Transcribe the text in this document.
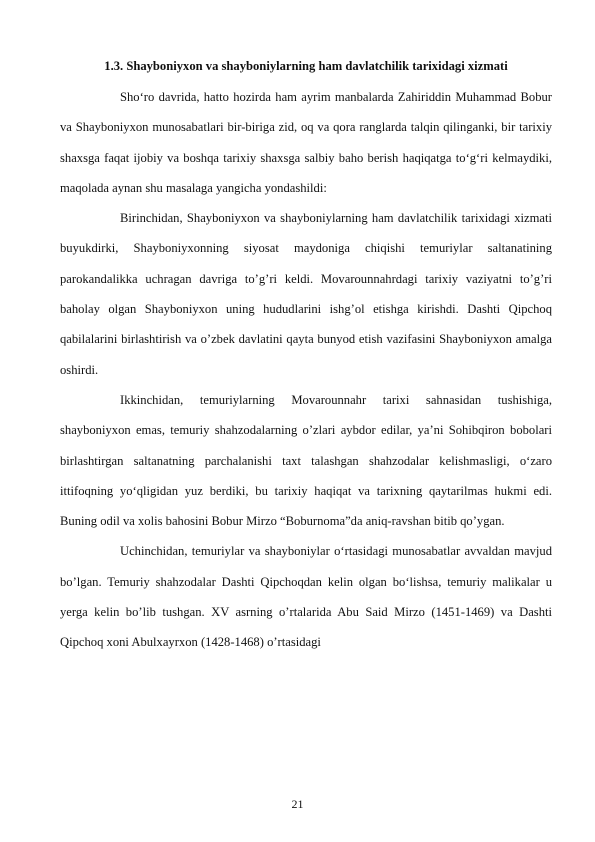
1.3. Shayboniyxon va shayboniylarning ham davlatchilik tarixidagi xizmati

Shoʻro davrida, hatto hozirda ham ayrim manbalarda Zahiriddin Muhammad Bobur va Shayboniyxon munosabatlari bir-biriga zid, oq va qora ranglarda talqin qilinganki, bir tarixiy shaxsga faqat ijobiy va boshqa tarixiy shaxsga salbiy baho berish haqiqatga toʻgʻri kelmaydiki, maqolada aynan shu masalaga yangicha yondashildi:

Birinchidan, Shayboniyxon va shayboniylarning ham davlatchilik tarixidagi xizmati buyukdirki, Shayboniyxonning siyosat maydoniga chiqishi temuriylar saltanatining parokandalikka uchragan davriga toʼgʼri keldi. Movarounnahrdagi tarixiy vaziyatni toʼgʼri baholay olgan Shayboniyxon uning hududlarini ishgʼol etishga kirishdi. Dashti Qipchoq qabilalarini birlashtirish va oʼzbek davlatini qayta bunyod etish vazifasini Shayboniyxon amalga oshirdi.

Ikkinchidan, temuriylarning Movarounnahr tarixi sahnasidan tushishiga, shayboniyxon emas, temuriy shahzodalarning oʼzlari aybdor edilar, yaʼni Sohibqiron bobolari birlashtirgan saltanatning parchalanishi taxt talashgan shahzodalar kelishmasligi, oʻzaro ittifoqning yoʻqligidan yuz berdiki, bu tarixiy haqiqat va tarixning qaytarilmas hukmi edi. Buning odil va xolis bahosini Bobur Mirzo “Boburnoma”da aniq-ravshan bitib qoʼygan.

Uchinchidan, temuriylar va shayboniylar oʻrtasidagi munosabatlar avvaldan mavjud boʼlgan. Temuriy shahzodalar Dashti Qipchoqdan kelin olgan boʻlishsa, temuriy malikalar u yerga kelin boʼlib tushgan. XV asrning oʼrtalarida Abu Said Mirzo (1451-1469) va Dashti Qipchoq xoni Abulxayrxon (1428-1468) oʼrtasidagi

21
